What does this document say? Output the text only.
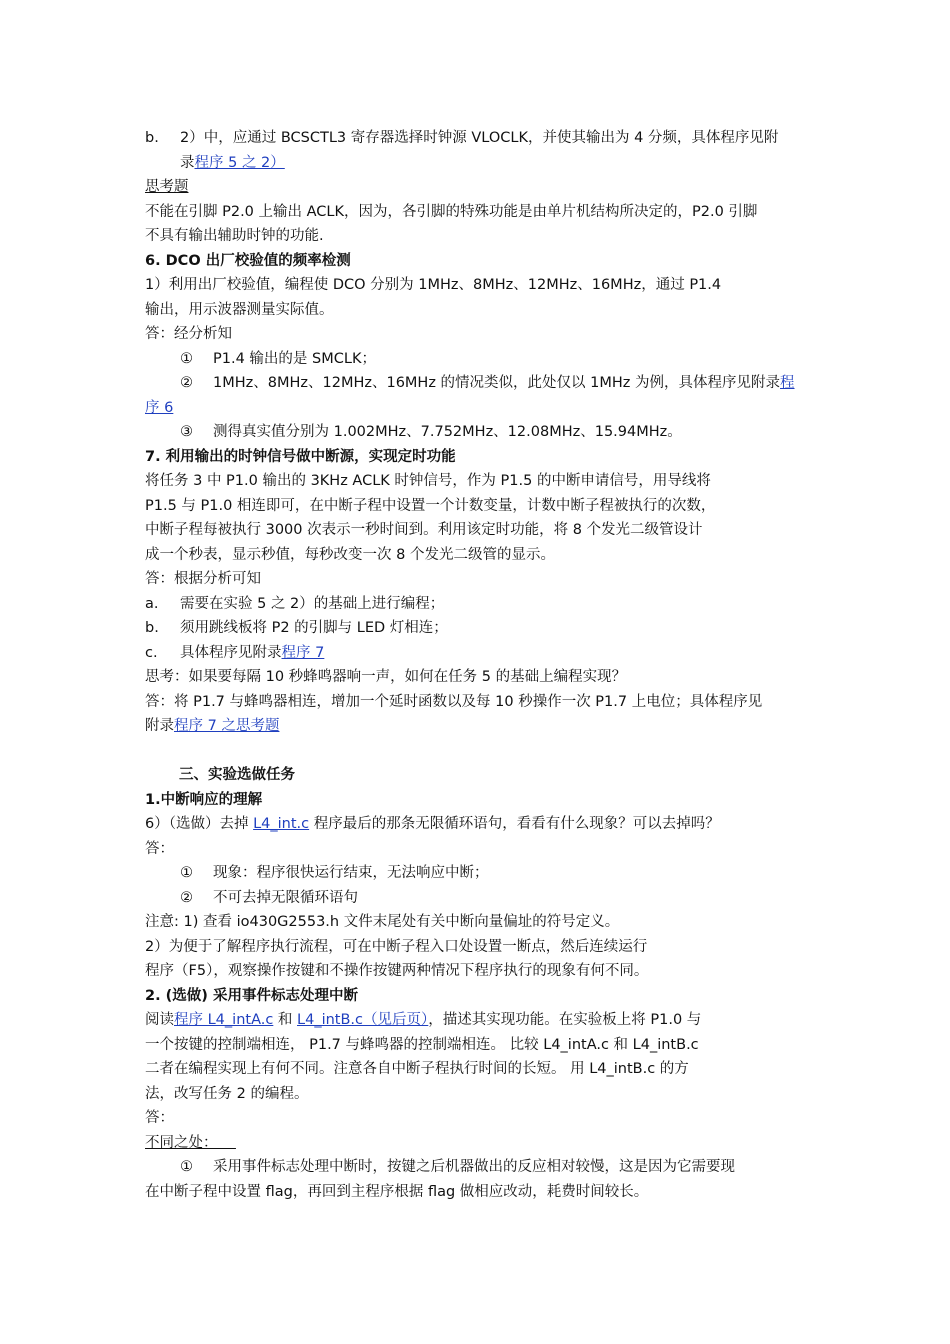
b. 2）中，应通过 BCSCTL3 寄存器选择时钟源 VLOCLK，并使其输出为 4 分频，具体程序见附
录程序 5 之 2）
思考题
不能在引脚 P2.0 上输出 ACLK，因为，各引脚的特殊功能是由单片机结构所决定的，P2.0 引脚
不具有输出辅助时钟的功能.
6. DCO 出厂校验值的频率检测
1）利用出厂校验值，编程使 DCO 分别为 1MHz、8MHz、12MHz、16MHz，通过 P1.4
输出，用示波器测量实际值。
答：经分析知
① P1.4 输出的是 SMCLK；
② 1MHz、8MHz、12MHz、16MHz 的情况类似，此处仅以 1MHz 为例，具体程序见附录程
序 6
③ 测得真实值分别为 1.002MHz、7.752MHz、12.08MHz、15.94MHz。
7. 利用输出的时钟信号做中断源，实现定时功能
将任务 3 中 P1.0 输出的 3KHz ACLK 时钟信号，作为 P1.5 的中断申请信号，用导线将
P1.5 与 P1.0 相连即可，在中断子程中设置一个计数变量，计数中断子程被执行的次数，
中断子程每被执行 3000 次表示一秒时间到。利用该定时功能，将 8 个发光二级管设计
成一个秒表，显示秒值，每秒改变一次 8 个发光二级管的显示。
答：根据分析可知
a. 需要在实验 5 之 2）的基础上进行编程；
b. 须用跳线板将 P2 的引脚与 LED 灯相连；
c. 具体程序见附录程序 7
思考：如果要每隔 10 秒蜂鸣器响一声，如何在任务 5 的基础上编程实现？
答：将 P1.7 与蜂鸣器相连，增加一个延时函数以及每 10 秒操作一次 P1.7 上电位；具体程序见
附录程序 7 之思考题
三、实验选做任务
1.中断响应的理解
6）（选做）去掉 L4_int.c 程序最后的那条无限循环语句，看看有什么现象？可以去掉吗？
答：
① 现象：程序很快运行结束，无法响应中断；
② 不可去掉无限循环语句
注意: 1) 查看 io430G2553.h 文件末尾处有关中断向量偏址的符号定义。
2）为便于了解程序执行流程，可在中断子程入口处设置一断点，然后连续运行
程序（F5），观察操作按键和不操作按键两种情况下程序执行的现象有何不同。
2. (选做) 采用事件标志处理中断
阅读程序 L4_intA.c 和 L4_intB.c（见后页），描述其实现功能。在实验板上将 P1.0 与
一个按键的控制端相连， P1.7 与蜂鸣器的控制端相连。 比较 L4_intA.c 和 L4_intB.c
二者在编程实现上有何不同。注意各自中断子程执行时间的长短。 用 L4_intB.c 的方
法，改写任务 2 的编程。
答：
不同之处：
① 采用事件标志处理中断时，按键之后机器做出的反应相对较慢，这是因为它需要现
在中断子程中设置 flag，再回到主程序根据 flag 做相应改动，耗费时间较长。
